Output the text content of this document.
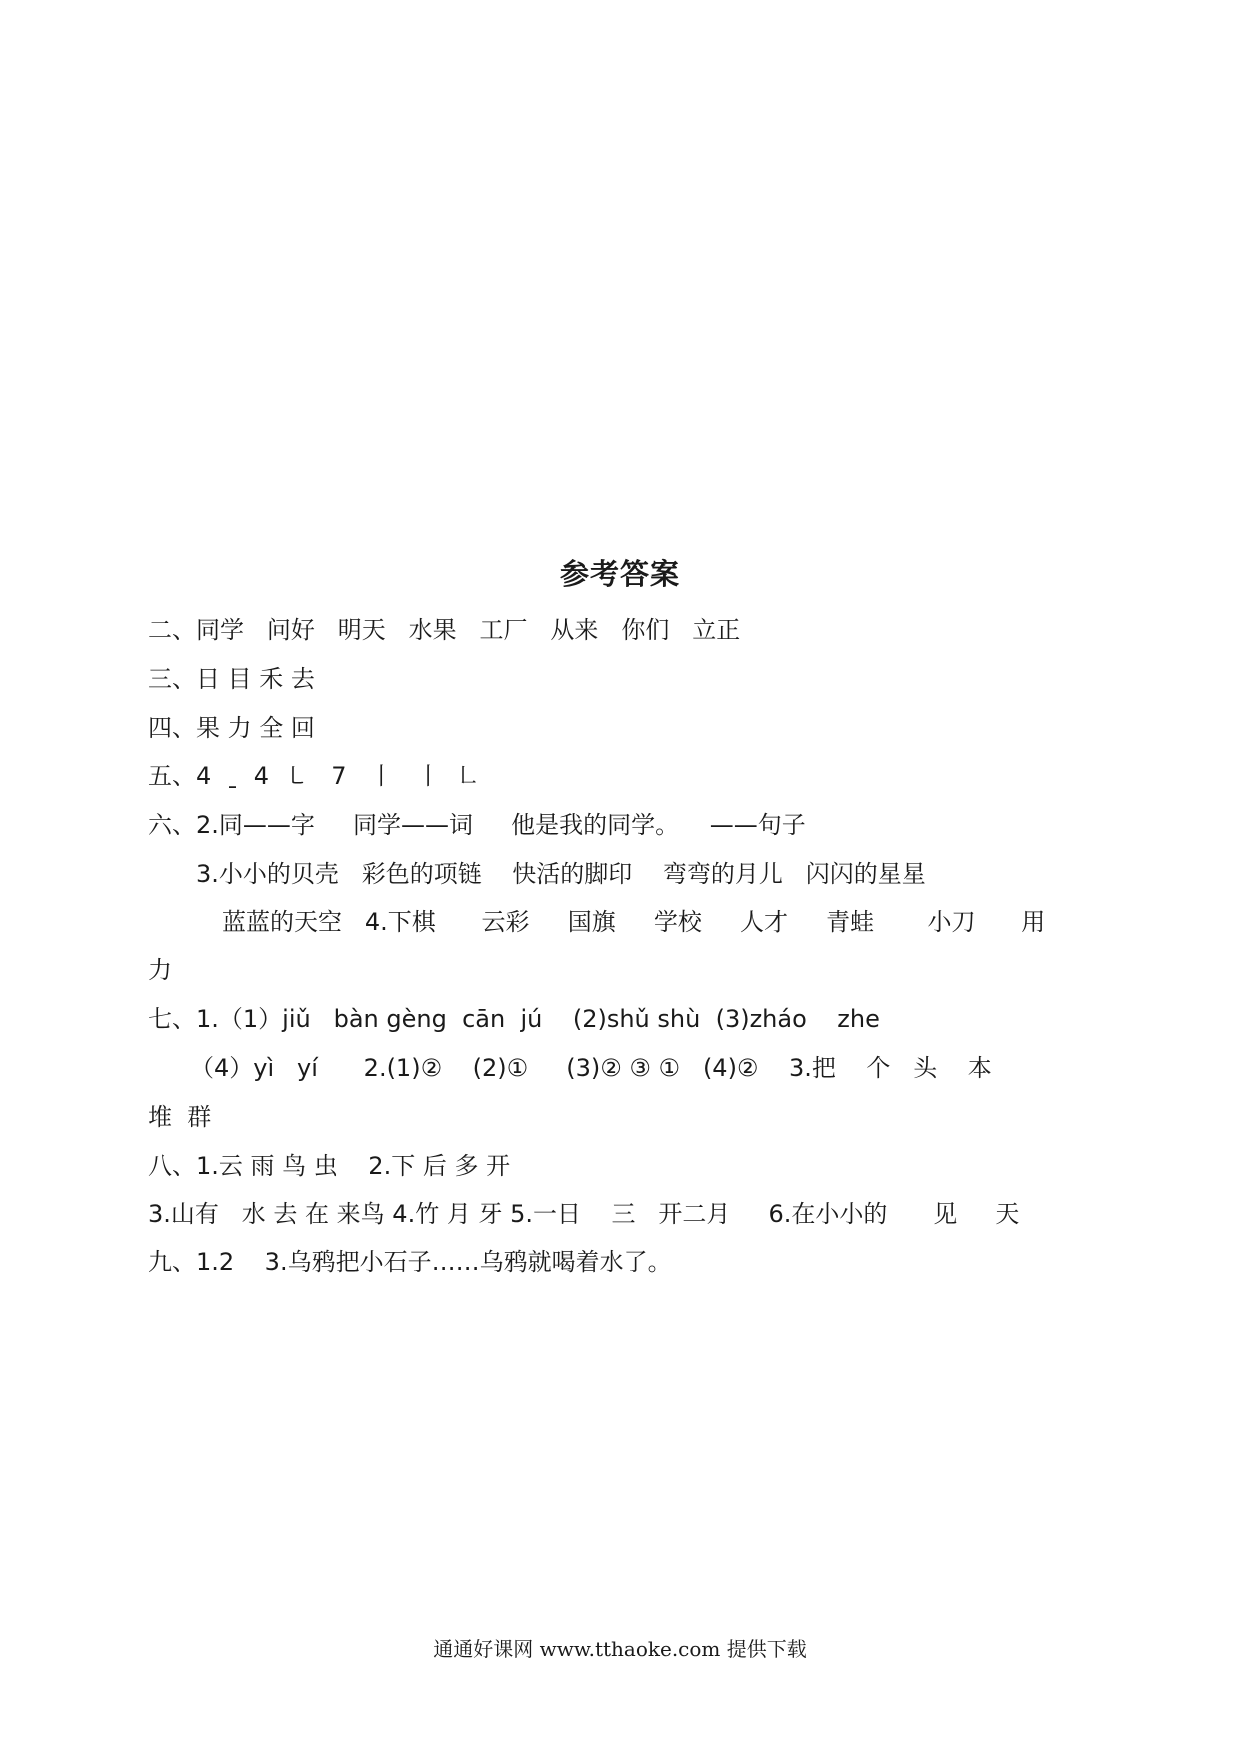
参考答案
二、同学   问好   明天   水果   工厂   从来   你们   立正
三、日 目 禾 去
四、果 力 全 回
五、4  ˍ  4  ㇄   7   丨   丨  ㇗
六、2.同——字     同学——词     他是我的同学。    ——句子
3.小小的贝壳   彩色的项链    快活的脚印    弯弯的月儿   闪闪的星星
蓝蓝的天空   4.下棋      云彩     国旗     学校     人才     青蛙       小刀      用
力
七、1.（1）jiǔ   bàn gèng  cān  jú    (2)shǔ shù  (3)zháo    zhe
（4）yì   yí      2.(1)②    (2)①     (3)② ③ ①   (4)②    3.把    个   头    本
堆  群
八、1.云 雨 鸟 虫    2.下 后 多 开
3.山有   水 去 在 来鸟 4.竹 月 牙 5.一日    三   开二月     6.在小小的      见     天
九、1.2    3.乌鸦把小石子……乌鸦就喝着水了。
通通好课网 www.tthaoke.com 提供下载
